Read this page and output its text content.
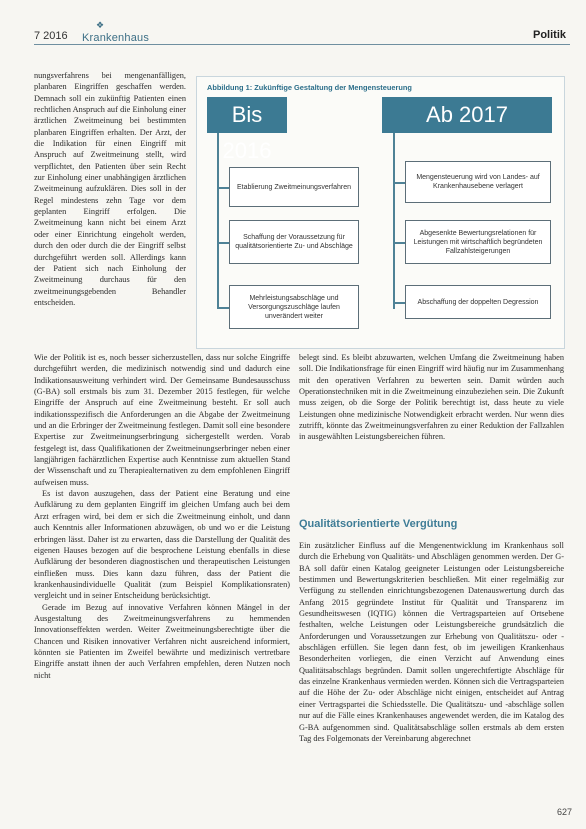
7 2016
❖
Krankenhaus	Politik

nungsverfahrens bei mengenanfälligen, planbaren Eingriffen geschaffen werden. Demnach soll ein zukünftig Patienten einen rechtlichen Anspruch auf die Einholung einer ärztlichen Zweitmeinung bei bestimmten planbaren Eingriffen erhalten. Der Arzt, der die Indikation für einen Eingriff mit Anspruch auf Zweitmeinung stellt, wird verpflichtet, den Patienten über sein Recht zur Einholung einer unabhängigen ärztlichen Zweitmeinung aufzuklären. Dies soll in der Regel mindestens zehn Tage vor dem geplanten Eingriff erfolgen. Die Zweitmeinung kann nicht bei einem Arzt oder einer Einrichtung eingeholt werden, durch den oder durch die der Eingriff selbst durchgeführt werden soll. Allerdings kann der Patient sich nach Einholung der Zweitmeinung durchaus für den zweitmeinungsgebenden Behandler entscheiden.

Abbildung 1: Zukünftige Gestaltung der Mengensteuerung
Bis 2016
Ab 2017
Etablierung Zweitmeinungsverfahren
Schaffung der Voraussetzung für qualitätsorientierte Zu- und Abschläge
Mehrleistungsabschläge und Versorgungszuschläge laufen unverändert weiter
Mengensteuerung wird von Landes- auf Krankenhausebene verlagert
Abgesenkte Bewertungsrelationen für Leistungen mit wirtschaftlich begründeten Fallzahlsteigerungen
Abschaffung der doppelten Degression

Wie der Politik ist es, noch besser sicherzustellen, dass nur solche Eingriffe durchgeführt werden, die medizinisch notwendig sind und dadurch eine Indikationsausweitung verhindert wird. Der Gemeinsame Bundesausschuss (G-BA) soll erstmals bis zum 31. Dezember 2015 festlegen, für welche Eingriffe der Anspruch auf eine Zweitmeinung besteht. Er soll auch indikationsspezifisch die Anforderungen an die Abgabe der Zweitmeinung und an die Erbringer der Zweitmeinung festlegen. Damit soll eine besondere Expertise zur Zweitmeinungserbringung sichergestellt werden. Vorab festgelegt ist, dass Qualifikationen der Zweitmeinungserbringer neben einer langjährigen fachärztlichen Expertise auch Kenntnisse zum aktuellen Stand der Wissenschaft und zu Therapiealternativen zu dem empfohlenen Eingriff aufweisen muss.

Es ist davon auszugehen, dass der Patient eine Beratung und eine Aufklärung zu dem geplanten Eingriff im gleichen Umfang auch bei dem Arzt erfragen wird, bei dem er sich die Zweitmeinung einholt, und dann auch Kenntnis aller Informationen abzuwägen, ob und wo er die Leistung erbringen lässt. Daher ist zu erwarten, dass die Darstellung der Qualität des eigenen Hauses bezogen auf die besprochene Leistung ebenfalls in diese Aufklärung der besonderen diagnostischen und therapeutischen Leistungen einfließen muss. Dies kann dazu führen, dass der Patient die krankenhausindividuelle Qualität (zum Beispiel Komplikationsraten) vergleicht und in seiner Entscheidung berücksichtigt.

Gerade im Bezug auf innovative Verfahren können Mängel in der Ausgestaltung des Zweitmeinungsverfahrens zu hemmenden Innovationseffekten werden. Weiter Zweitmeinungsberechtigte über die Chancen und Risiken innovativer Verfahren nicht ausreichend informiert, könnten sie Patienten im Zweifel bewährte und medizinisch vertretbare Eingriffe anstatt ihnen der auch Verfahren empfehlen, deren Nutzen noch nicht

belegt sind. Es bleibt abzuwarten, welchen Umfang die Zweitmeinung haben soll. Die Indikationsfrage für einen Eingriff wird häufig nur im Zusammenhang mit den operativen Verfahren zu bewerten sein. Damit würden auch Operationstechniken mit in die Zweitmeinung einzubeziehen sein. Die Zukunft muss zeigen, ob die Sorge der Politik berechtigt ist, dass heute zu viele Leistungen ohne medizinische Notwendigkeit erbracht werden. Nur wenn dies zutrifft, könnte das Zweitmeinungsverfahren zu einer Reduktion der Fallzahlen in ausgewählten Leistungsbereichen führen.

Qualitätsorientierte Vergütung

Ein zusätzlicher Einfluss auf die Mengenentwicklung im Krankenhaus soll durch die Erhebung von Qualitäts- und Abschlägen genommen werden. Der G-BA soll dafür einen Katalog geeigneter Leistungen oder Leistungsbereiche bestimmen und Bewertungskriterien beschließen. Mit einer regelmäßig zur Verfügung zu stellenden einrichtungsbezogenen Datenauswertung durch das Anfang 2015 gegründete Institut für Qualität und Transparenz im Gesundheitswesen (IQTIG) können die Vertragsparteien auf Ortsebene festhalten, welche Leistungen oder Leistungsbereiche grundsätzlich die Anforderungen und Voraussetzungen zur Erhebung von Qualitätszu- oder -abschlägen erfüllen. Sie legen dann fest, ob im jeweiligen Krankenhaus Besonderheiten vorliegen, die einen Verzicht auf Anwendung eines Qualitätsabschlags begründen. Damit sollen ungerechtfertigte Abschläge für das einzelne Krankenhaus vermieden werden. Können sich die Vertragsparteien auf die Höhe der Zu- oder Abschläge nicht einigen, entscheidet auf Antrag einer Vertragspartei die Schiedsstelle. Die Qualitätszu- und -abschläge sollen nur auf die Fälle eines Krankenhauses angewendet werden, die im Katalog des G-BA aufgenommen sind. Qualitätsabschläge sollen erstmals ab dem ersten Tag des Folgemonats der Vereinbarung abgerechnet

627
